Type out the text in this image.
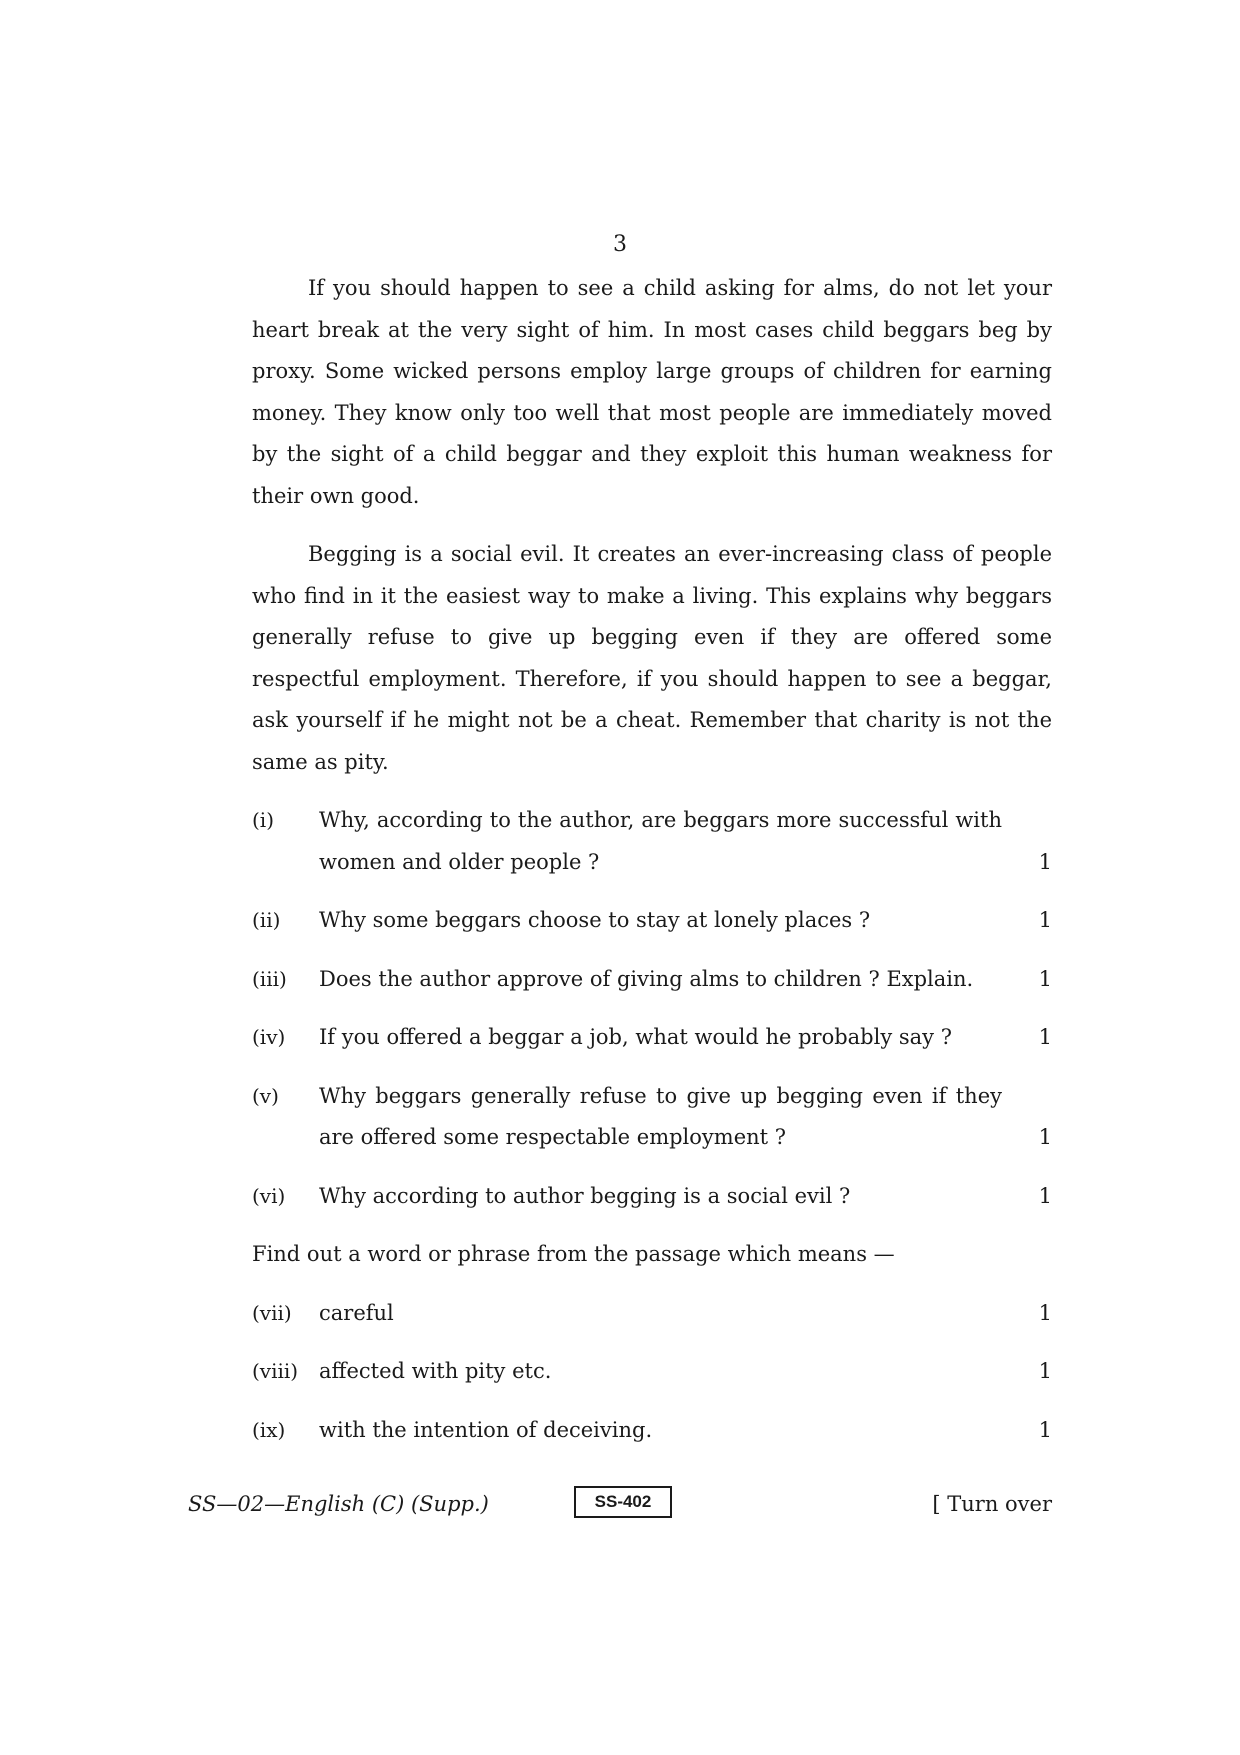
3

If you should happen to see a child asking for alms, do not let your heart break at the very sight of him. In most cases child beggars beg by proxy. Some wicked persons employ large groups of children for earning money. They know only too well that most people are immediately moved by the sight of a child beggar and they exploit this human weakness for their own good.

Begging is a social evil. It creates an ever-increasing class of people who find in it the easiest way to make a living. This explains why beggars generally refuse to give up begging even if they are offered some respectful employment. Therefore, if you should happen to see a beggar, ask yourself if he might not be a cheat. Remember that charity is not the same as pity.

(i)	Why, according to the author, are beggars more successful with women and older people ?	1
(ii)	Why some beggars choose to stay at lonely places ?	1
(iii)	Does the author approve of giving alms to children ? Explain.	1
(iv)	If you offered a beggar a job, what would he probably say ?	1
(v)	Why beggars generally refuse to give up begging even if they are offered some respectable employment ?	1
(vi)	Why according to author begging is a social evil ?	1

Find out a word or phrase from the passage which means —

(vii)	careful	1
(viii) affected with pity etc.	1
(ix)	with the intention of deceiving.	1
SS—02—English (C) (Supp.)	SS-402	[ Turn over
